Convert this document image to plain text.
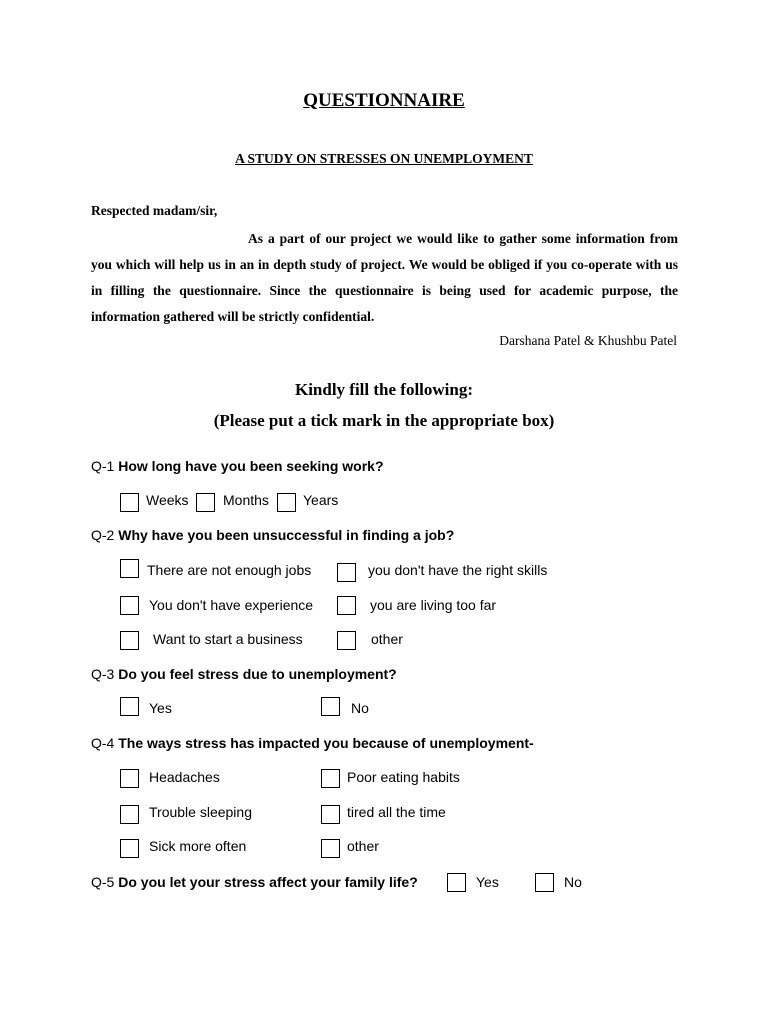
QUESTIONNAIRE
A STUDY ON STRESSES ON UNEMPLOYMENT
Respected madam/sir,

As a part of our project we would like to gather some information from you which will help us in an in depth study of project. We would be obliged if you co-operate with us in filling the questionnaire. Since the questionnaire is being used for academic purpose, the information gathered will be strictly confidential.

Darshana Patel & Khushbu Patel
Kindly fill the following:
(Please put a tick mark in the appropriate box)
Q-1 How long have you been seeking work?
Weeks Months Years
Q-2 Why have you been unsuccessful in finding a job?
There are not enough jobs	you don't have the right skills
You don't have experience	you are living too far
Want to start a business	other
Q-3 Do you feel stress due to unemployment?
Yes	No
Q-4 The ways stress has impacted you because of unemployment-
Headaches	Poor eating habits
Trouble sleeping	tired all the time
Sick more often	other
Q-5 Do you let your stress affect your family life?	Yes	No
